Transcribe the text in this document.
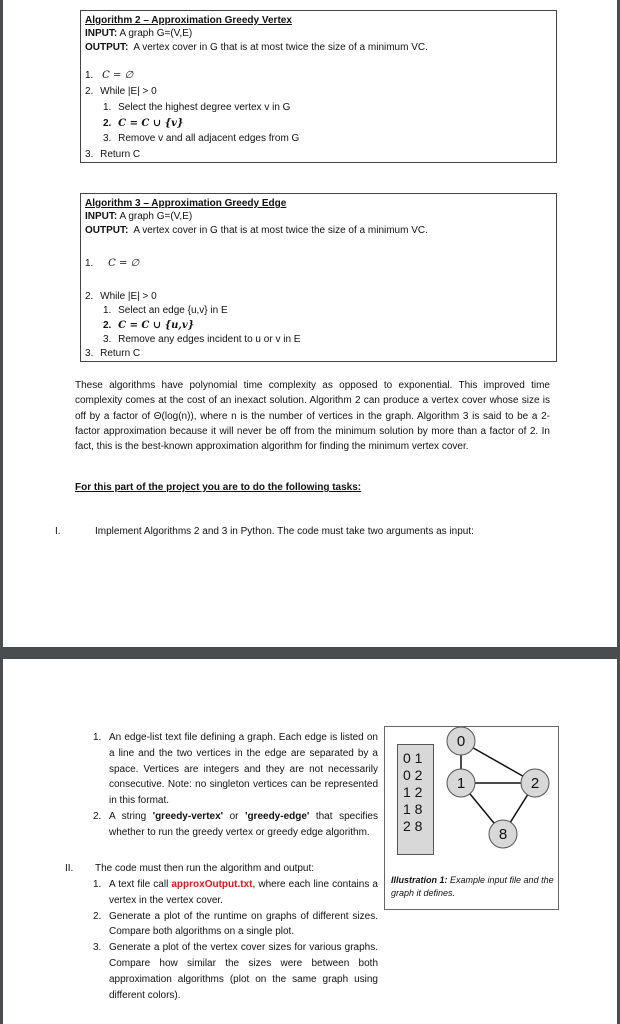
Algorithm 2 – Approximation Greedy Vertex
INPUT: A graph G=(V,E)
OUTPUT:  A vertex cover in G that is at most twice the size of a minimum VC.
1. C = ∅
2. While |E| > 0
1. Select the highest degree vertex v in G
2. C = C ∪ {v}
3. Remove v and all adjacent edges from G
3. Return C
Algorithm 3 – Approximation Greedy Edge
INPUT: A graph G=(V,E)
OUTPUT:  A vertex cover in G that is at most twice the size of a minimum VC.
1. C = ∅
2. While |E| > 0
1. Select an edge {u,v} in E
2. C = C ∪ {u,v}
3. Remove any edges incident to u or v in E
3. Return C
These algorithms have polynomial time complexity as opposed to exponential. This improved time complexity comes at the cost of an inexact solution. Algorithm 2 can produce a vertex cover whose size is off by a factor of Θ(log(n)), where n is the number of vertices in the graph. Algorithm 3 is said to be a 2-factor approximation because it will never be off from the minimum solution by more than a factor of 2. In fact, this is the best-known approximation algorithm for finding the minimum vertex cover.
For this part of the project you are to do the following tasks:
I.	Implement Algorithms 2 and 3 in Python. The code must take two arguments as input:
1. An edge-list text file defining a graph. Each edge is listed on a line and the two vertices in the edge are separated by a space. Vertices are integers and they are not necessarily consecutive. Note: no singleton vertices can be represented in this format.
2. A string 'greedy-vertex' or 'greedy-edge' that specifies whether to run the greedy vertex or greedy edge algorithm.
II. The code must then run the algorithm and output:
1. A text file call approxOutput.txt, where each line contains a vertex in the vertex cover.
2. Generate a plot of the runtime on graphs of different sizes. Compare both algorithms on a single plot.
3. Generate a plot of the vertex cover sizes for various graphs. Compare how similar the sizes were between both approximation algorithms (plot on the same graph using different colors).
0 1
0 2
1 2
1 8
2 8
0
1	2
8
Illustration 1: Example input file and the graph it defines.
